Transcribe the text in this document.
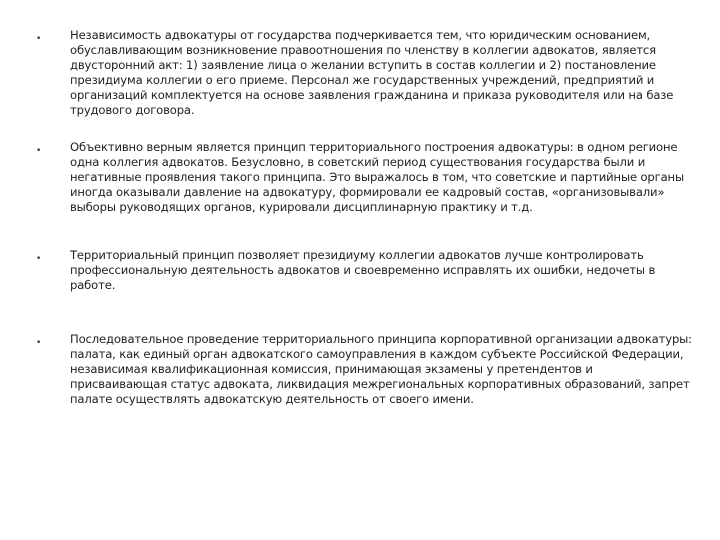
• Независимость адвокатуры от государства подчеркивается тем, что юридическим основанием, обуславливающим возникновение правоотношения по членству в коллегии адвокатов, является двусторонний акт: 1) заявление лица о желании вступить в состав коллегии и 2) постановление президиума коллегии о его приеме. Персонал же государственных учреждений, предприятий и организаций комплектуется на основе заявления гражданина и приказа руководителя или на базе трудового договора.
• Объективно верным является принцип территориального построения адвокатуры: в одном регионе одна коллегия адвокатов. Безусловно, в советский период существования государства были и негативные проявления такого принципа. Это выражалось в том, что советские и партийные органы иногда оказывали давление на адвокатуру, формировали ее кадровый состав, «организовывали» выборы руководящих органов, курировали дисциплинарную практику и т.д.
• Территориальный принцип позволяет президиуму коллегии адвокатов лучше контролировать профессиональную деятельность адвокатов и своевременно исправлять их ошибки, недочеты в работе.
• Последовательное проведение территориального принципа корпоративной организации адвокатуры: палата, как единый орган адвокатского самоуправления в каждом субъекте Российской Федерации, независимая квалификационная комиссия, принимающая экзамены у претендентов и присваивающая статус адвоката, ликвидация межрегиональных корпоративных образований, запрет палате осуществлять адвокатскую деятельность от своего имени.
